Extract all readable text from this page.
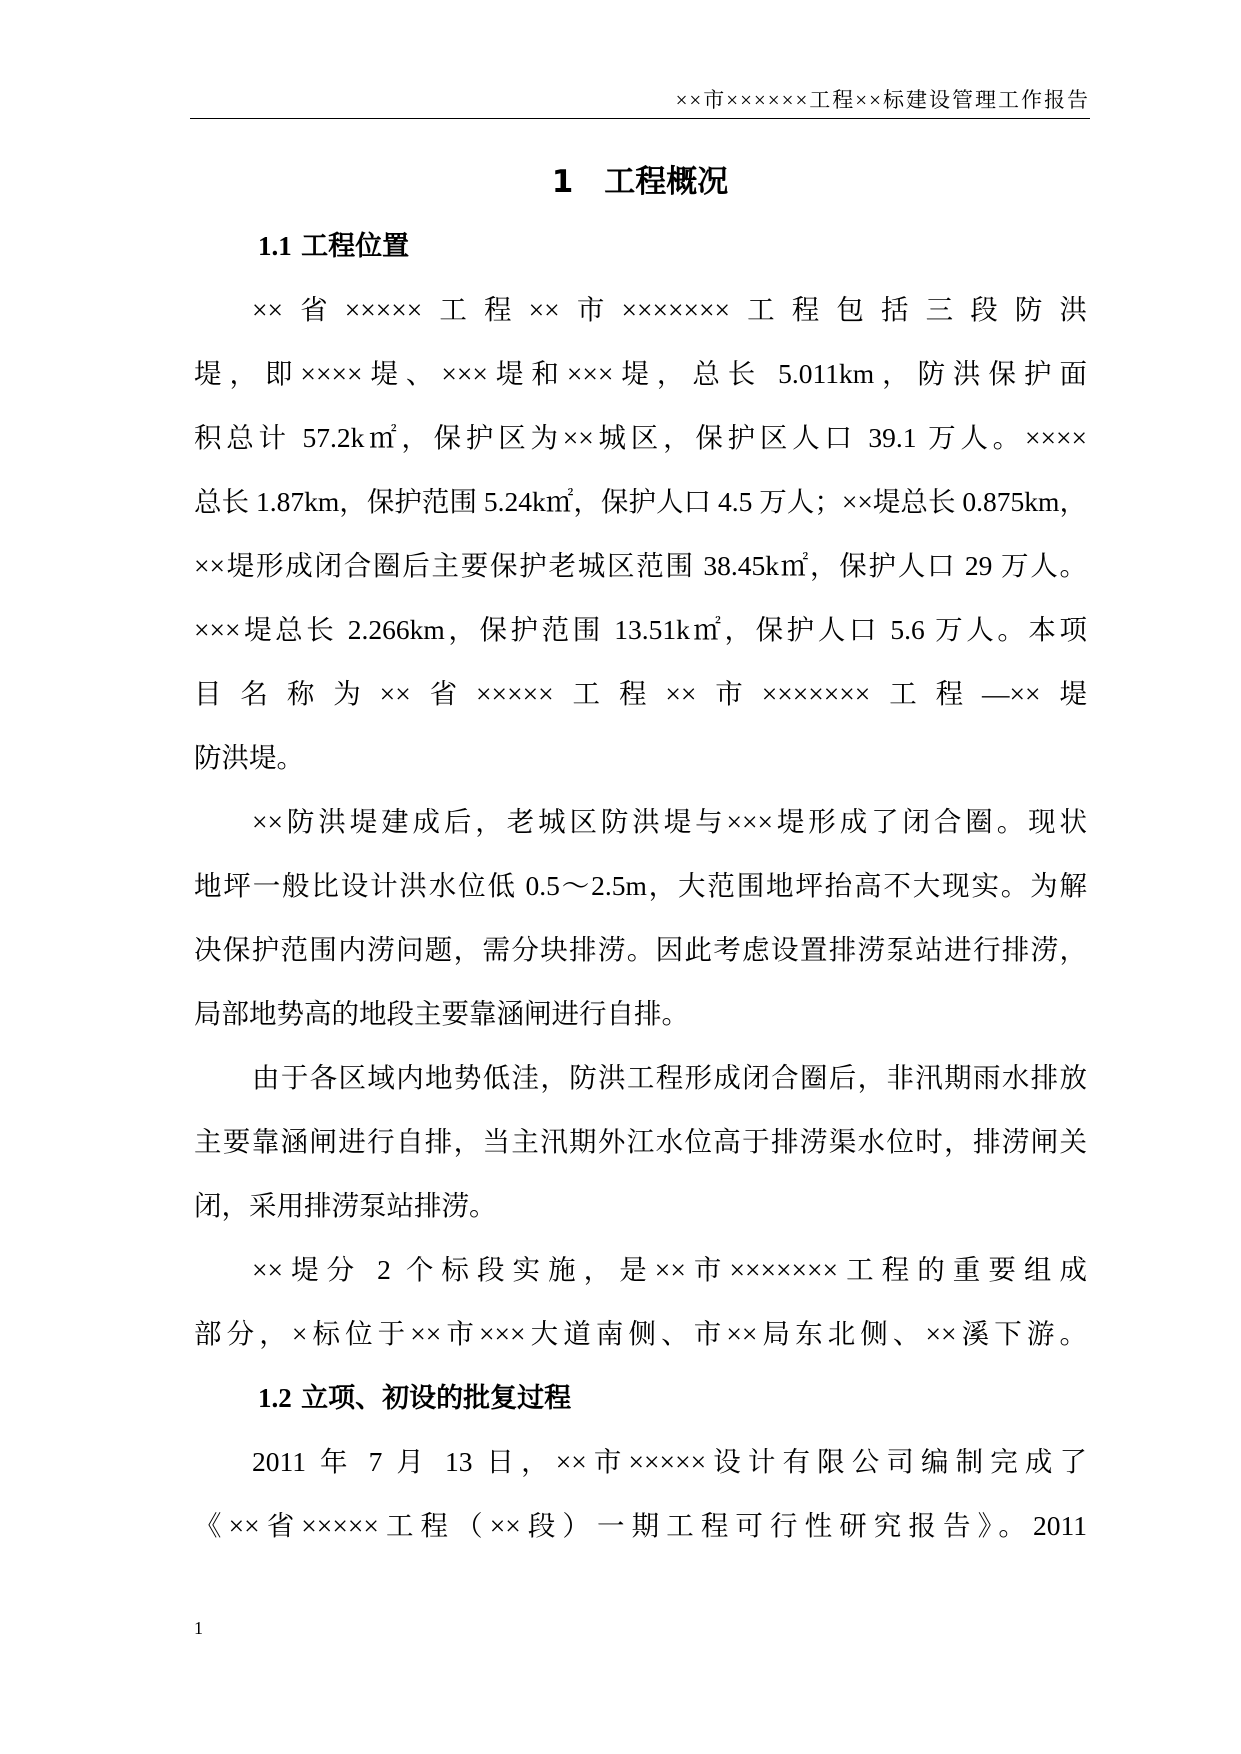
××市××××××工程××标建设管理工作报告
1　工程概况
1.1 工程位置
××省×××××工程××市×××××××工程包括三段防洪
堤，即××××堤、×××堤和×××堤，总长 5.011km，防洪保护面
积总计 57.2k㎡，保护区为××城区，保护区人口 39.1 万人。××××
总长 1.87km，保护范围 5.24k㎡，保护人口 4.5 万人；××堤总长 0.875km，
××堤形成闭合圈后主要保护老城区范围 38.45k㎡，保护人口 29 万人。
×××堤总长 2.266km，保护范围 13.51k㎡，保护人口 5.6 万人。本项
目名称为××省×××××工程××市×××××××工程—××堤
防洪堤。
××防洪堤建成后，老城区防洪堤与×××堤形成了闭合圈。现状
地坪一般比设计洪水位低 0.5～2.5m，大范围地坪抬高不大现实。为解
决保护范围内涝问题，需分块排涝。因此考虑设置排涝泵站进行排涝，
局部地势高的地段主要靠涵闸进行自排。
由于各区域内地势低洼，防洪工程形成闭合圈后，非汛期雨水排放
主要靠涵闸进行自排，当主汛期外江水位高于排涝渠水位时，排涝闸关
闭，采用排涝泵站排涝。
××堤分 2 个标段实施，是××市×××××××工程的重要组成
部分，×标位于××市×××大道南侧、市××局东北侧、××溪下游。
1.2 立项、初设的批复过程
2011 年 7 月 13 日，××市×××××设计有限公司编制完成了
《××省×××××工程（××段）一期工程可行性研究报告》。2011
1
